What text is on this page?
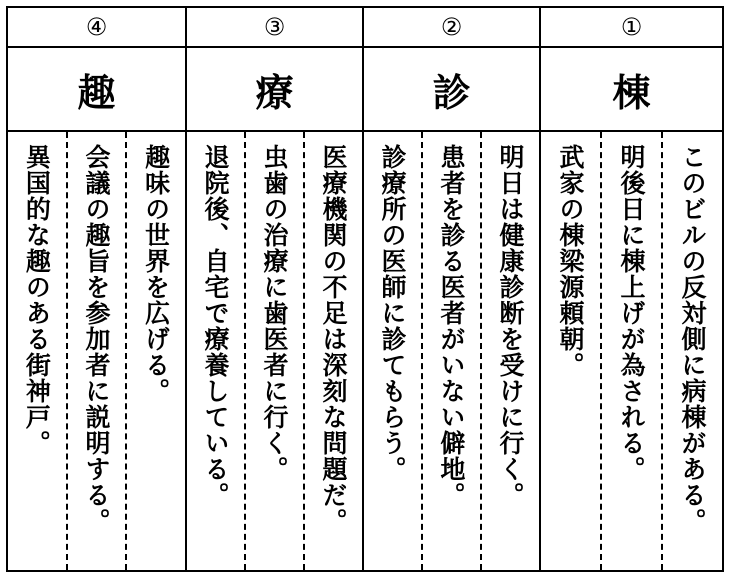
④
趣
趣味の世界を広げる。
会議の趣旨を参加者に説明する。
異国的な趣のある街神戸。
③
療
医療機関の不足は深刻な問題だ。
虫歯の治療に歯医者に行く。
退院後、自宅で療養している。
②
診
明日は健康診断を受けに行く。
患者を診る医者がいない僻地。
診療所の医師に診てもらう。
①
棟
このビルの反対側に病棟がある。
明後日に棟上げが為される。
武家の棟梁源頼朝。
